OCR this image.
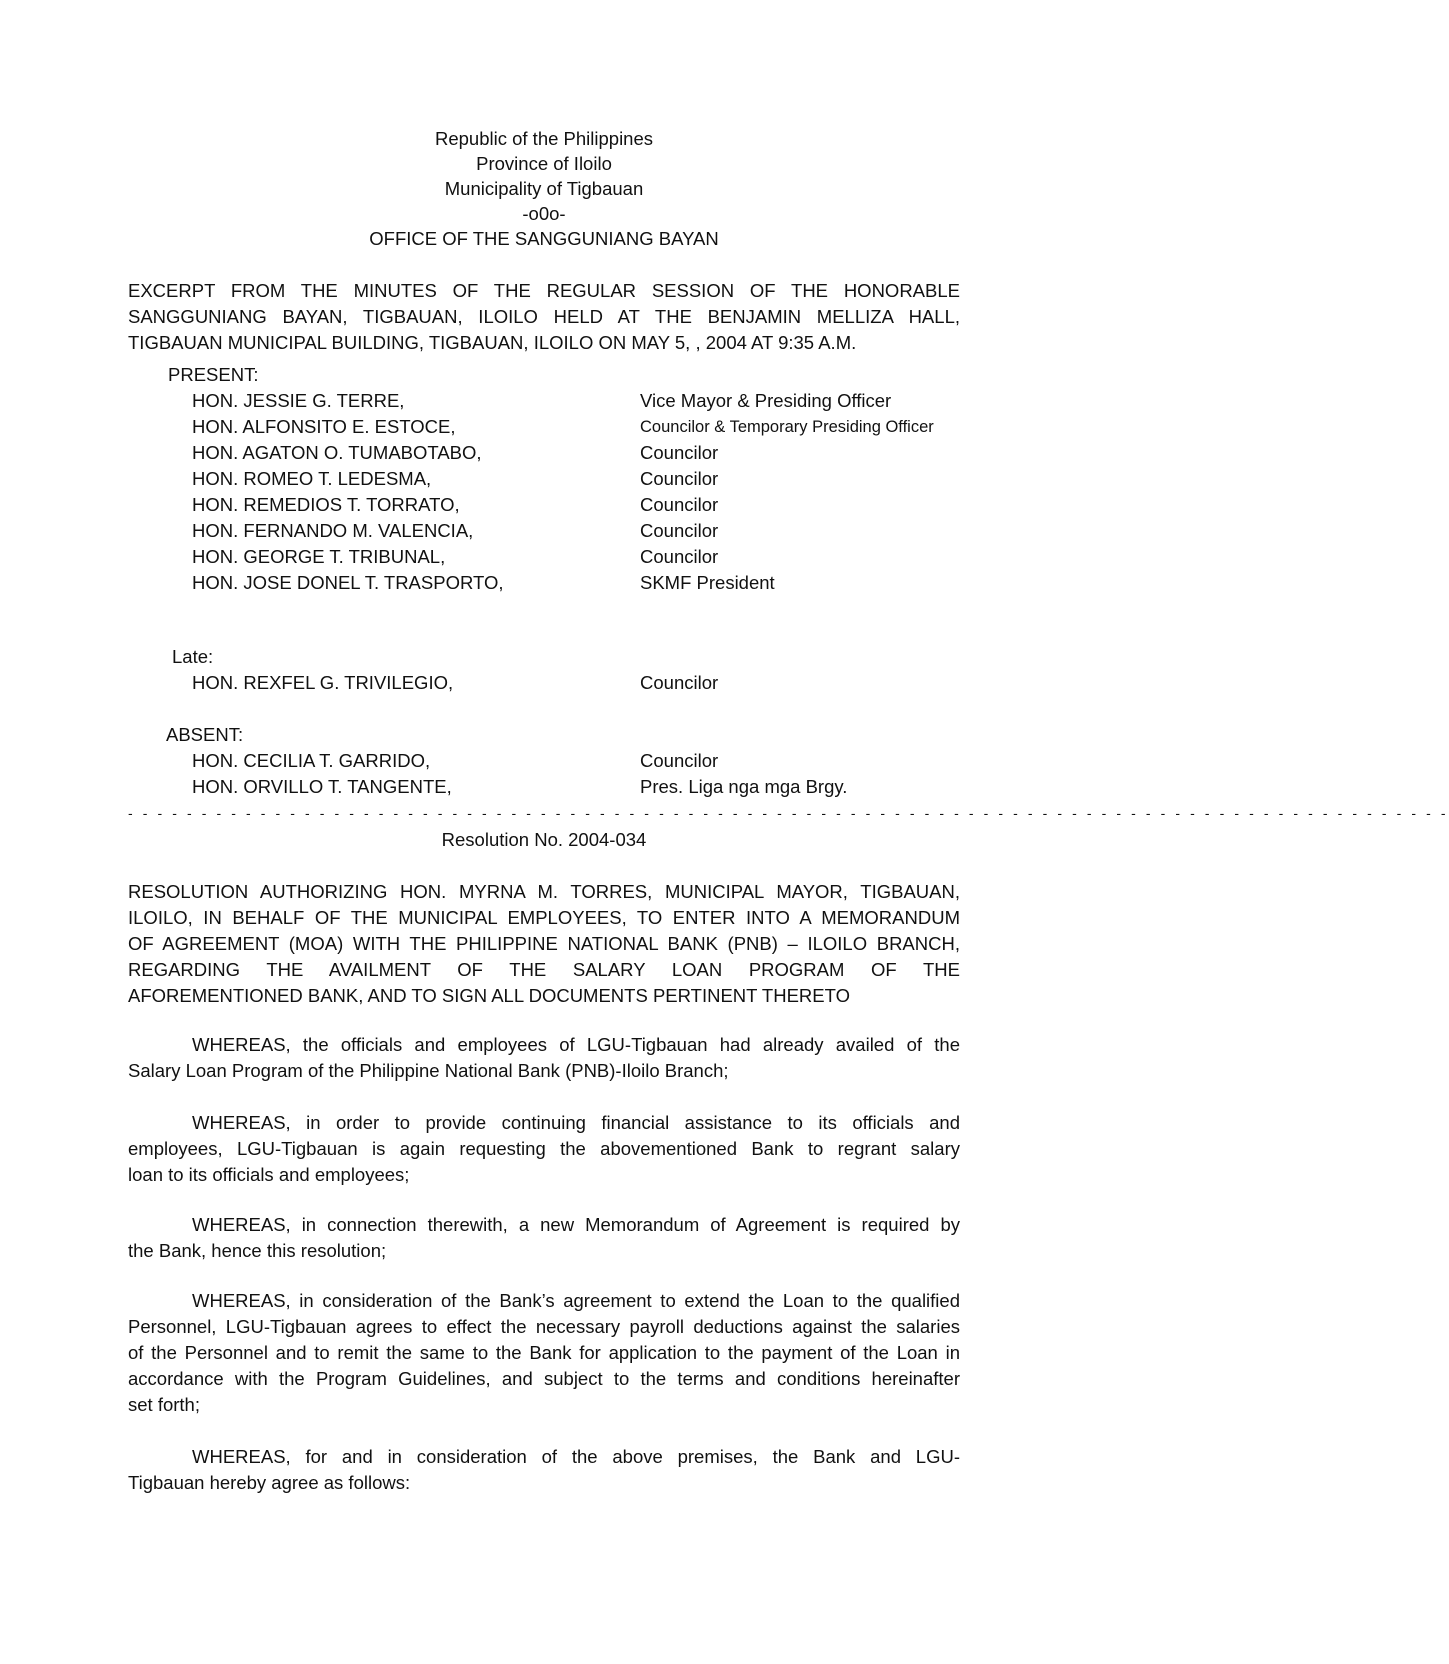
Republic of the Philippines
Province of Iloilo
Municipality of Tigbauan
-o0o-
OFFICE OF THE SANGGUNIANG BAYAN
EXCERPT FROM THE MINUTES OF THE REGULAR SESSION OF THE HONORABLE
SANGGUNIANG BAYAN, TIGBAUAN, ILOILO HELD AT THE BENJAMIN MELLIZA HALL,
TIGBAUAN MUNICIPAL BUILDING, TIGBAUAN, ILOILO ON MAY 5, , 2004 AT 9:35 A.M.
PRESENT:
HON. JESSIE G. TERRE,	Vice Mayor & Presiding Officer
HON. ALFONSITO E. ESTOCE,	Councilor & Temporary Presiding Officer
HON. AGATON O. TUMABOTABO,	Councilor
HON. ROMEO T. LEDESMA,	Councilor
HON. REMEDIOS T. TORRATO,	Councilor
HON. FERNANDO M. VALENCIA,	Councilor
HON. GEORGE T. TRIBUNAL,	Councilor
HON. JOSE DONEL T. TRASPORTO,	SKMF President
Late:
HON. REXFEL G. TRIVILEGIO,	Councilor
ABSENT:
HON. CECILIA T. GARRIDO,	Councilor
HON. ORVILLO T. TANGENTE,	Pres. Liga nga mga Brgy.
- - - - - - - - - - - - - - - - - - - - - - - - - - - - - - - - - - - - - - - - - - - - - - - - - - - - - - - - - - - - - - - - - - - - - - - - - - - - - - - - - - - - - - - - - -
Resolution No. 2004-034
RESOLUTION AUTHORIZING HON. MYRNA M. TORRES, MUNICIPAL MAYOR, TIGBAUAN,
ILOILO, IN BEHALF OF THE MUNICIPAL EMPLOYEES, TO ENTER INTO A MEMORANDUM
OF AGREEMENT (MOA) WITH THE PHILIPPINE NATIONAL BANK (PNB) – ILOILO BRANCH,
REGARDING THE AVAILMENT OF THE SALARY LOAN PROGRAM OF THE
AFOREMENTIONED BANK, AND TO SIGN ALL DOCUMENTS PERTINENT THERETO
WHEREAS, the officials and employees of LGU-Tigbauan had already availed of the
Salary Loan Program of the Philippine National Bank (PNB)-Iloilo Branch;
WHEREAS, in order to provide continuing financial assistance to its officials and
employees, LGU-Tigbauan is again requesting the abovementioned Bank to regrant salary
loan to its officials and employees;
WHEREAS, in connection therewith, a new Memorandum of Agreement is required by
the Bank, hence this resolution;
WHEREAS, in consideration of the Bank’s agreement to extend the Loan to the qualified
Personnel, LGU-Tigbauan agrees to effect the necessary payroll deductions against the salaries
of the Personnel and to remit the same to the Bank for application to the payment of the Loan in
accordance with the Program Guidelines, and subject to the terms and conditions hereinafter
set forth;
WHEREAS, for and in consideration of the above premises, the Bank and LGU-
Tigbauan hereby agree as follows:
